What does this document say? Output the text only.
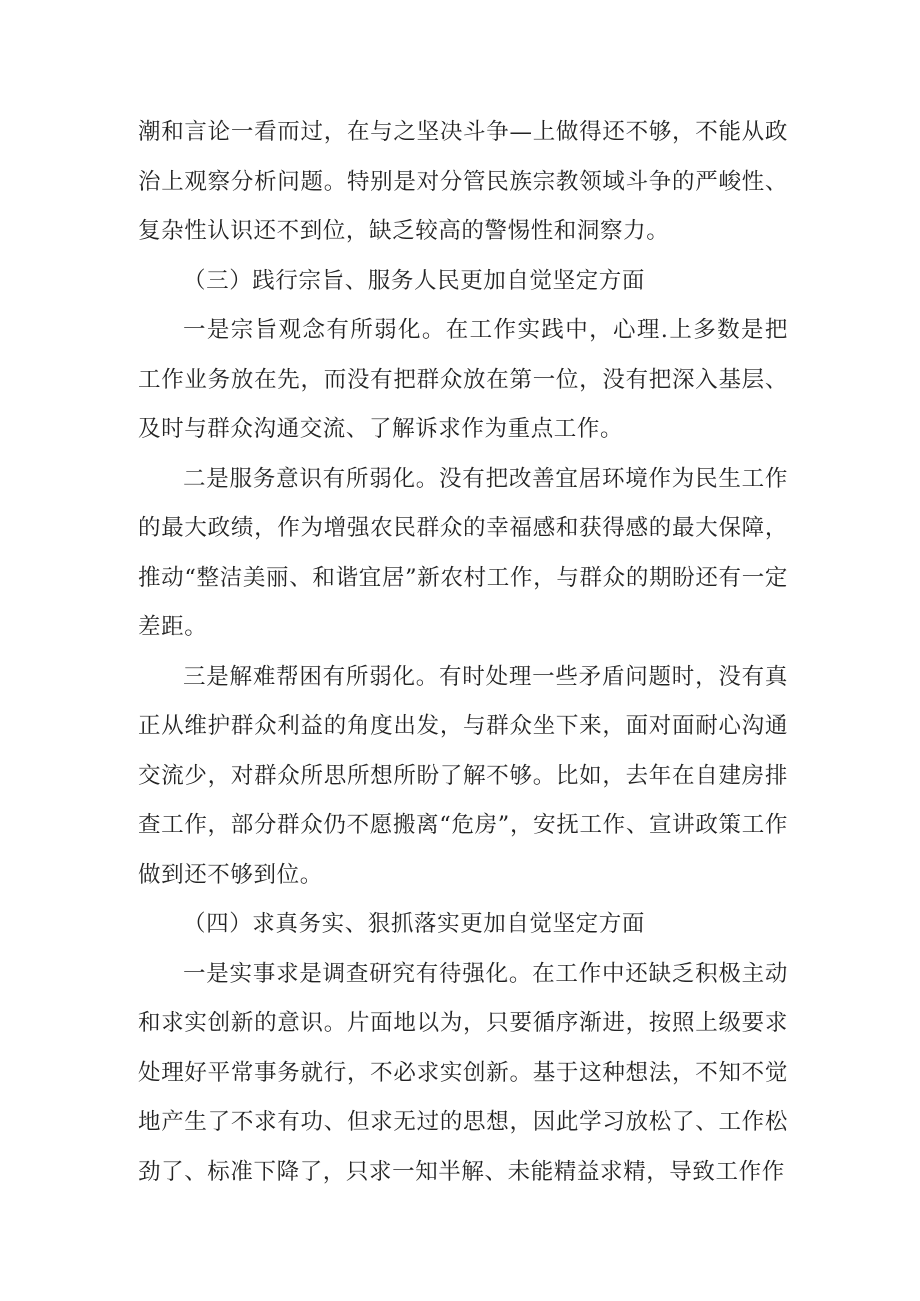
潮和言论一看而过，在与之坚决斗争—上做得还不够，不能从政治上观察分析问题。特别是对分管民族宗教领域斗争的严峻性、复杂性认识还不到位，缺乏较高的警惕性和洞察力。

（三）践行宗旨、服务人民更加自觉坚定方面

一是宗旨观念有所弱化。在工作实践中，心理.上多数是把工作业务放在先，而没有把群众放在第一位，没有把深入基层、及时与群众沟通交流、了解诉求作为重点工作。

二是服务意识有所弱化。没有把改善宜居环境作为民生工作的最大政绩，作为增强农民群众的幸福感和获得感的最大保障，推动“整洁美丽、和谐宜居”新农村工作，与群众的期盼还有一定差距。

三是解难帮困有所弱化。有时处理一些矛盾问题时，没有真正从维护群众利益的角度出发，与群众坐下来，面对面耐心沟通交流少，对群众所思所想所盼了解不够。比如，去年在自建房排查工作，部分群众仍不愿搬离“危房”，安抚工作、宣讲政策工作做到还不够到位。

（四）求真务实、狠抓落实更加自觉坚定方面

一是实事求是调查研究有待强化。在工作中还缺乏积极主动和求实创新的意识。片面地以为，只要循序渐进，按照上级要求处理好平常事务就行，不必求实创新。基于这种想法，不知不觉地产生了不求有功、但求无过的思想，因此学习放松了、工作松劲了、标准下降了，只求一知半解、未能精益求精，导致工作作
